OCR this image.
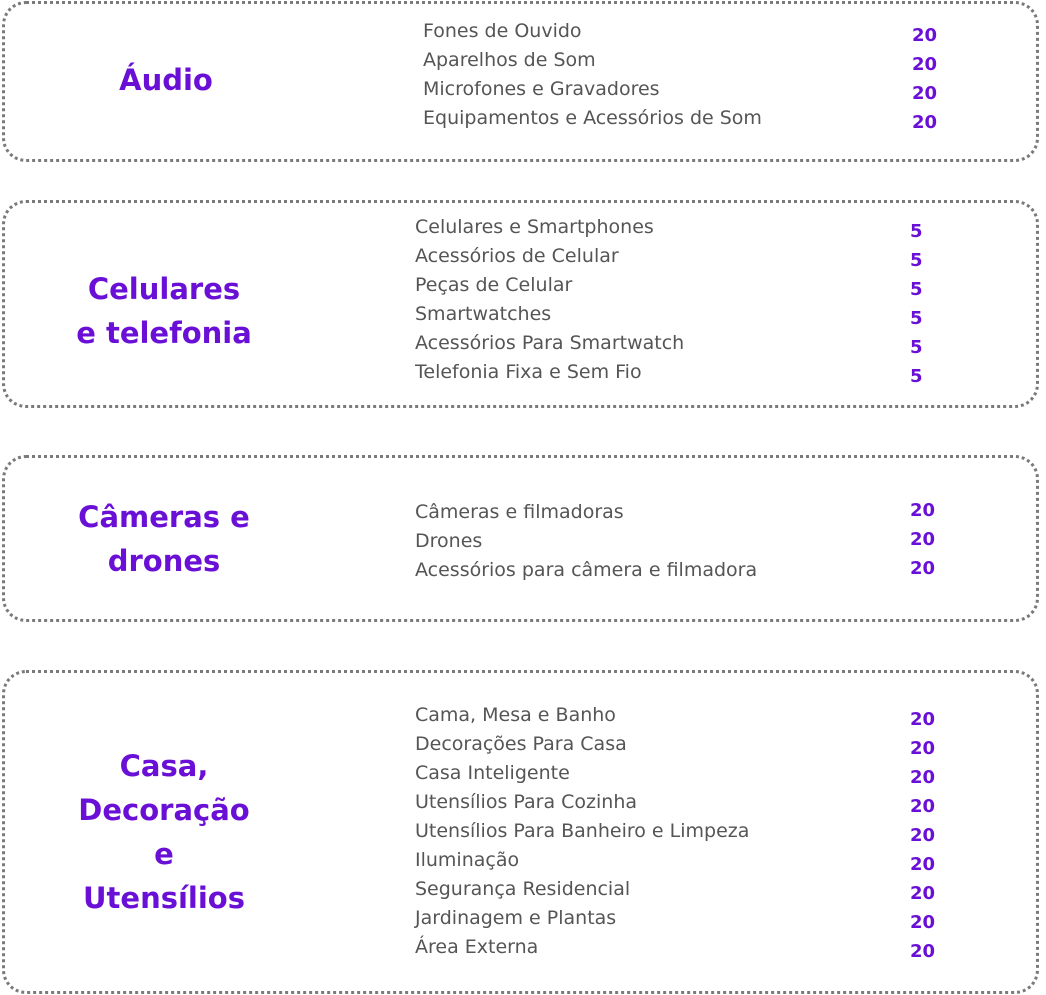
Áudio
Fones de Ouvido	20
Aparelhos de Som	20
Microfones e Gravadores	20
Equipamentos e Acessórios de Som	20
Celulares
e telefonia
Celulares e Smartphones	5
Acessórios de Celular	5
Peças de Celular	5
Smartwatches	5
Acessórios Para Smartwatch	5
Telefonia Fixa e Sem Fio	5
Câmeras e
drones
Câmeras e filmadoras	20
Drones	20
Acessórios para câmera e filmadora	20
Casa,
Decoração
e
Utensílios
Cama, Mesa e Banho	20
Decorações Para Casa	20
Casa Inteligente	20
Utensílios Para Cozinha	20
Utensílios Para Banheiro e Limpeza	20
Iluminação	20
Segurança Residencial	20
Jardinagem e Plantas	20
Área Externa	20
